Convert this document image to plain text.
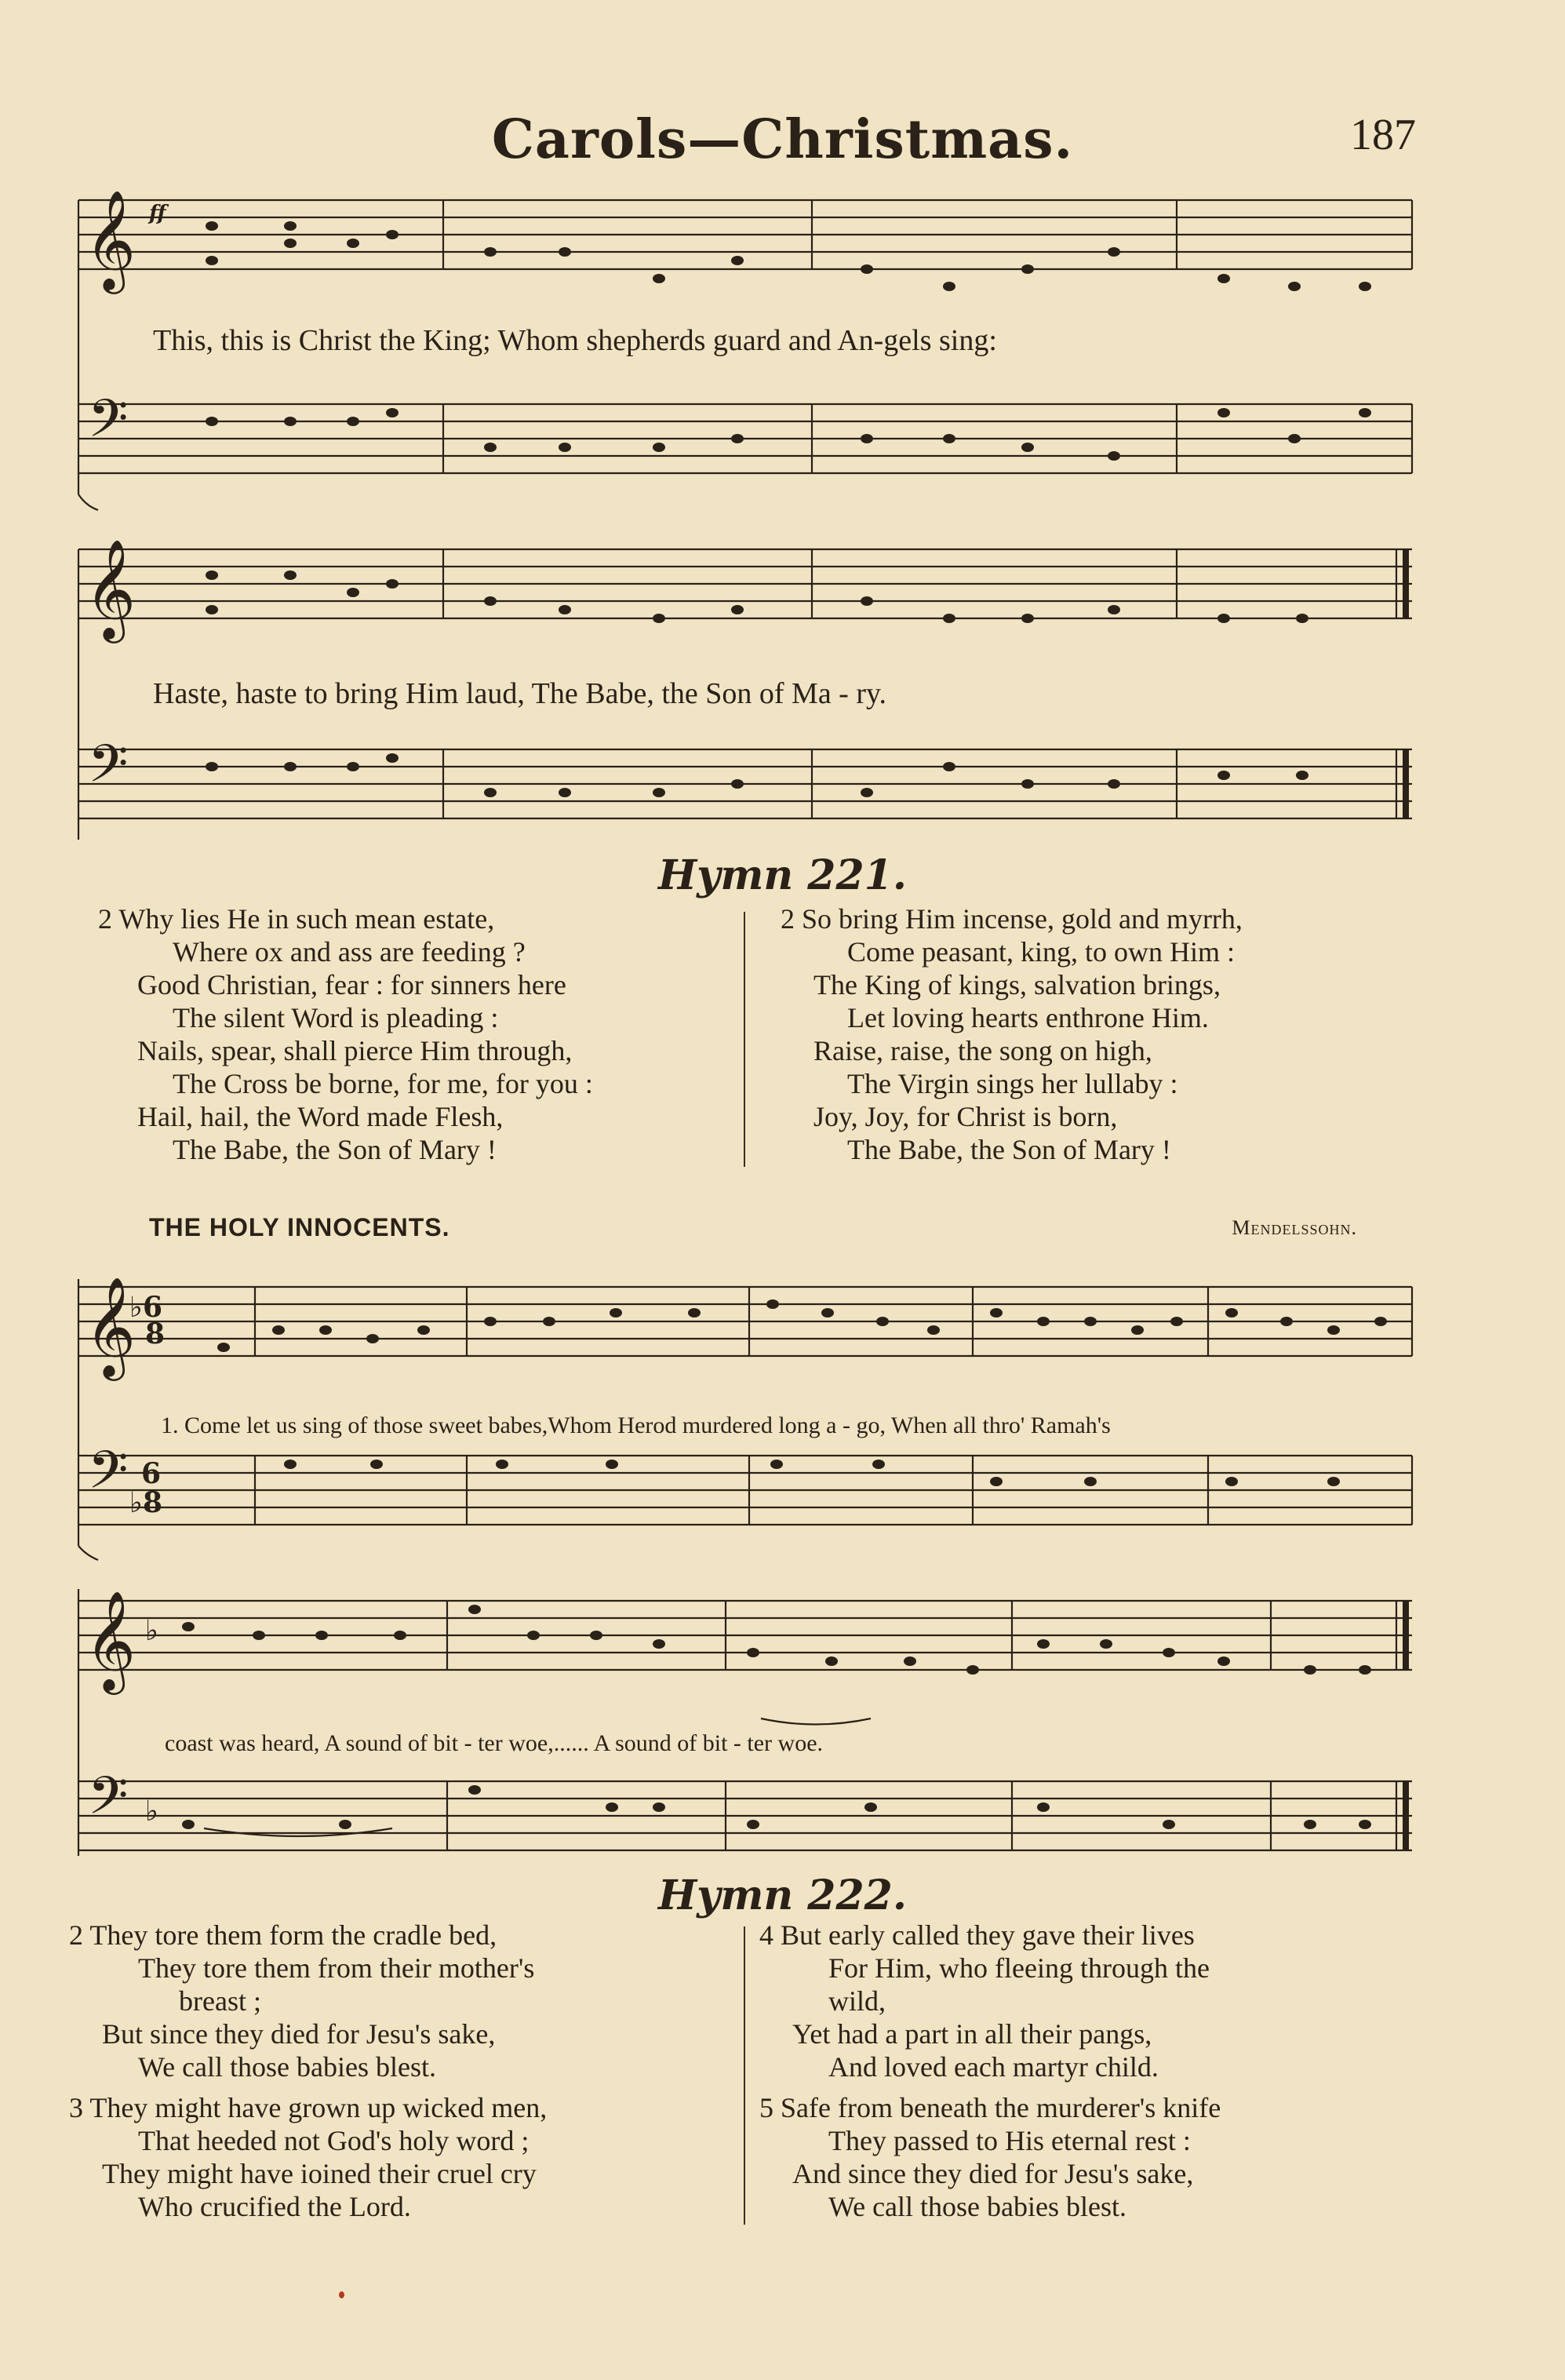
Carols—Christmas.	187
𝄞
𝄢
ff
This, this is Christ the King; Whom shepherds guard and An-gels sing:
𝄞
𝄢
Haste, haste to bring Him laud, The Babe, the Son of Ma - ry.
Hymn 221.
2 Why lies He in such mean estate,
Where ox and ass are feeding ?
Good Christian, fear : for sinners here
The silent Word is pleading :
Nails, spear, shall pierce Him through,
The Cross be borne, for me, for you :
Hail, hail, the Word made Flesh,
The Babe, the Son of Mary !
2 So bring Him incense, gold and myrrh,
Come peasant, king, to own Him :
The King of kings, salvation brings,
Let loving hearts enthrone Him.
Raise, raise, the song on high,
The Virgin sings her lullaby :
Joy, Joy, for Christ is born,
The Babe, the Son of Mary !
THE HOLY INNOCENTS.	Mendelssohn.
𝄞
𝄢
♭6
8
6
♭8
1. Come let us sing of those sweet babes,Whom Herod murdered long a - go, When all thro' Ramah's
𝄞
𝄢
♭
♭
coast was heard, A sound of bit - ter woe,...... A sound of bit - ter woe.
Hymn 222.
2 They tore them form the cradle bed,
They tore them from their mother's
breast ;
But since they died for Jesu's sake,
We call those babies blest.
3 They might have grown up wicked men,
That heeded not God's holy word ;
They might have ioined their cruel cry
Who crucified the Lord.
4 But early called they gave their lives
For Him, who fleeing through the
wild,
Yet had a part in all their pangs,
And loved each martyr child.
5 Safe from beneath the murderer's knife
They passed to His eternal rest :
And since they died for Jesu's sake,
We call those babies blest.
